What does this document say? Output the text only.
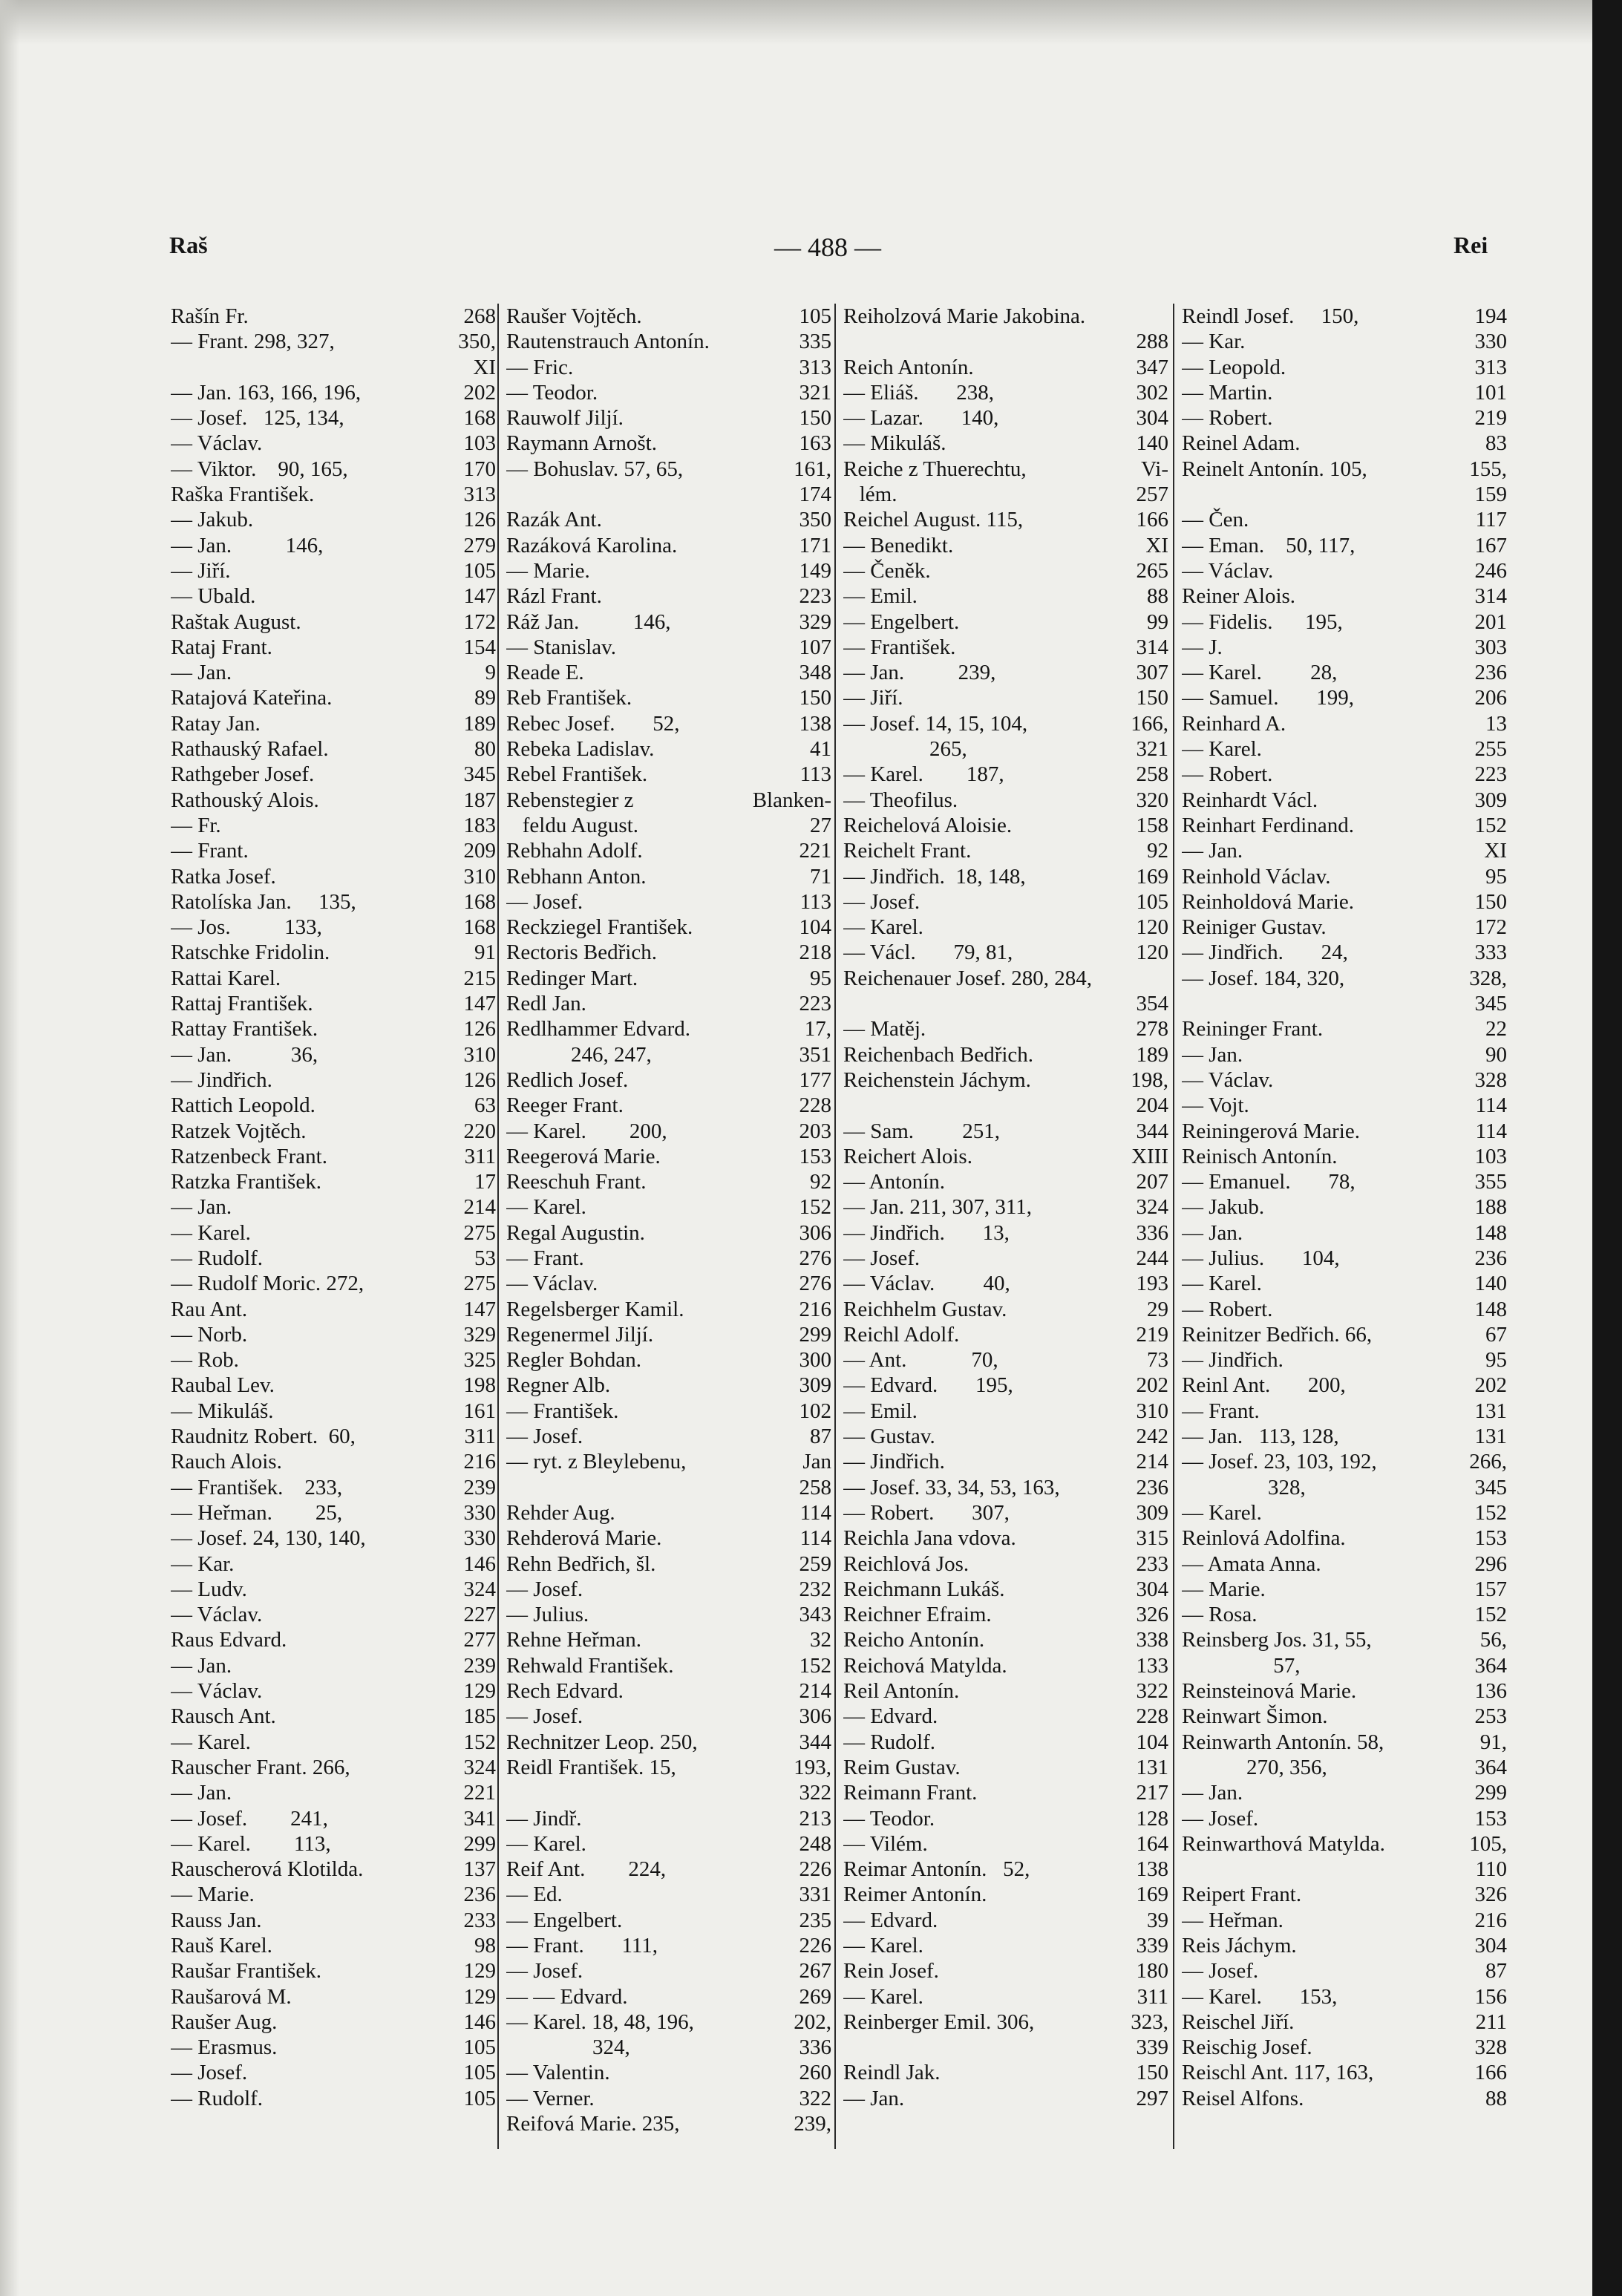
Raš	— 488 —	Rei
Rašín Fr.	268
— Frant. 298, 327,	350,
XI
— Jan. 163, 166, 196,	202
— Josef.   125, 134,	168
— Václav.	103
— Viktor.    90, 165,	170
Raška František.	313
— Jakub.	126
— Jan.          146,	279
— Jiří.	105
— Ubald.	147
Raštak August.	172
Rataj Frant.	154
— Jan.	9
Ratajová Kateřina.	89
Ratay Jan.	189
Rathauský Rafael.	80
Rathgeber Josef.	345
Rathouský Alois.	187
— Fr.	183
— Frant.	209
Ratka Josef.	310
Ratolíska Jan.     135,	168
— Jos.          133,	168
Ratschke Fridolin.	91
Rattai Karel.	215
Rattaj František.	147
Rattay František.	126
— Jan.           36,	310
— Jindřich.	126
Rattich Leopold.	63
Ratzek Vojtěch.	220
Ratzenbeck Frant.	311
Ratzka František.	17
— Jan.	214
— Karel.	275
— Rudolf.	53
— Rudolf Moric. 272,	275
Rau Ant.	147
— Norb.	329
— Rob.	325
Raubal Lev.	198
— Mikuláš.	161
Raudnitz Robert.  60,	311
Rauch Alois.	216
— František.    233,	239
— Heřman.        25,	330
— Josef. 24, 130, 140,	330
— Kar.	146
— Ludv.	324
— Václav.	227
Raus Edvard.	277
— Jan.	239
— Václav.	129
Rausch Ant.	185
— Karel.	152
Rauscher Frant. 266,	324
— Jan.	221
— Josef.        241,	341
— Karel.        113,	299
Rauscherová Klotilda.	137
— Marie.	236
Rauss Jan.	233
Rauš Karel.	98
Raušar František.	129
Raušarová M.	129
Raušer Aug.	146
— Erasmus.	105
— Josef.	105
— Rudolf.	105
Raušer Vojtěch.	105
Rautenstrauch Antonín.	335
— Fric.	313
— Teodor.	321
Rauwolf Jiljí.	150
Raymann Arnošt.	163
— Bohuslav. 57, 65,	161,
174
Razák Ant.	350
Razáková Karolina.	171
— Marie.	149
Rázl Frant.	223
Ráž Jan.          146,	329
— Stanislav.	107
Reade E.	348
Reb František.	150
Rebec Josef.       52,	138
Rebeka Ladislav.	41
Rebel František.	113
Rebenstegier z	Blanken-
feldu August.	27
Rebhahn Adolf.	221
Rebhann Anton.	71
— Josef.	113
Reckziegel František.	104
Rectoris Bedřich.	218
Redinger Mart.	95
Redl Jan.	223
Redlhammer Edvard.	17,
246, 247,	351
Redlich Josef.	177
Reeger Frant.	228
— Karel.        200,	203
Reegerová Marie.	153
Reeschuh Frant.	92
— Karel.	152
Regal Augustin.	306
— Frant.	276
— Václav.	276
Regelsberger Kamil.	216
Regenermel Jiljí.	299
Regler Bohdan.	300
Regner Alb.	309
— František.	102
— Josef.	87
— ryt. z Bleylebenu,	Jan
258
Rehder Aug.	114
Rehderová Marie.	114
Rehn Bedřich, šl.	259
— Josef.	232
— Julius.	343
Rehne Heřman.	32
Rehwald František.	152
Rech Edvard.	214
— Josef.	306
Rechnitzer Leop. 250,	344
Reidl František. 15,	193,
322
— Jindř.	213
— Karel.	248
Reif Ant.        224,	226
— Ed.	331
— Engelbert.	235
— Frant.       111,	226
— Josef.	267
— — Edvard.	269
— Karel. 18, 48, 196,	202,
324,	336
— Valentin.	260
— Verner.	322
Reifová Marie. 235,	239,
Reiholzová Marie Jakobina.
288
Reich Antonín.	347
— Eliáš.       238,	302
— Lazar.       140,	304
— Mikuláš.	140
Reiche z Thuerechtu,	Vi-
lém.	257
Reichel August. 115,	166
— Benedikt.	XI
— Čeněk.	265
— Emil.	88
— Engelbert.	99
— František.	314
— Jan.          239,	307
— Jiří.	150
— Josef. 14, 15, 104,	166,
265,	321
— Karel.        187,	258
— Theofilus.	320
Reichelová Aloisie.	158
Reichelt Frant.	92
— Jindřich.  18, 148,	169
— Josef.	105
— Karel.	120
— Václ.       79, 81,	120
Reichenauer Josef. 280, 284,
354
— Matěj.	278
Reichenbach Bedřich.	189
Reichenstein Jáchym.	198,
204
— Sam.         251,	344
Reichert Alois.	XIII
— Antonín.	207
— Jan. 211, 307, 311,	324
— Jindřich.       13,	336
— Josef.	244
— Václav.         40,	193
Reichhelm Gustav.	29
Reichl Adolf.	219
— Ant.            70,	73
— Edvard.       195,	202
— Emil.	310
— Gustav.	242
— Jindřich.	214
— Josef. 33, 34, 53, 163,	236
— Robert.       307,	309
Reichla Jana vdova.	315
Reichlová Jos.	233
Reichmann Lukáš.	304
Reichner Efraim.	326
Reicho Antonín.	338
Reichová Matylda.	133
Reil Antonín.	322
— Edvard.	228
— Rudolf.	104
Reim Gustav.	131
Reimann Frant.	217
— Teodor.	128
— Vilém.	164
Reimar Antonín.   52,	138
Reimer Antonín.	169
— Edvard.	39
— Karel.	339
Rein Josef.	180
— Karel.	311
Reinberger Emil. 306,	323,
339
Reindl Jak.	150
— Jan.	297
Reindl Josef.     150,	194
— Kar.	330
— Leopold.	313
— Martin.	101
— Robert.	219
Reinel Adam.	83
Reinelt Antonín. 105,	155,
159
— Čen.	117
— Eman.    50, 117,	167
— Václav.	246
Reiner Alois.	314
— Fidelis.      195,	201
— J.	303
— Karel.         28,	236
— Samuel.       199,	206
Reinhard A.	13
— Karel.	255
— Robert.	223
Reinhardt Václ.	309
Reinhart Ferdinand.	152
— Jan.	XI
Reinhold Václav.	95
Reinholdová Marie.	150
Reiniger Gustav.	172
— Jindřich.       24,	333
— Josef. 184, 320,	328,
345
Reininger Frant.	22
— Jan.	90
— Václav.	328
— Vojt.	114
Reiningerová Marie.	114
Reinisch Antonín.	103
— Emanuel.       78,	355
— Jakub.	188
— Jan.	148
— Julius.       104,	236
— Karel.	140
— Robert.	148
Reinitzer Bedřich. 66,	67
— Jindřich.	95
Reinl Ant.       200,	202
— Frant.	131
— Jan.   113, 128,	131
— Josef. 23, 103, 192,	266,
328,	345
— Karel.	152
Reinlová Adolfina.	153
— Amata Anna.	296
— Marie.	157
— Rosa.	152
Reinsberg Jos. 31, 55,	56,
57,	364
Reinsteinová Marie.	136
Reinwart Šimon.	253
Reinwarth Antonín. 58,	91,
270, 356,	364
— Jan.	299
— Josef.	153
Reinwarthová Matylda.	105,
110
Reipert Frant.	326
— Heřman.	216
Reis Jáchym.	304
— Josef.	87
— Karel.       153,	156
Reischel Jiří.	211
Reischig Josef.	328
Reischl Ant. 117, 163,	166
Reisel Alfons.	88
